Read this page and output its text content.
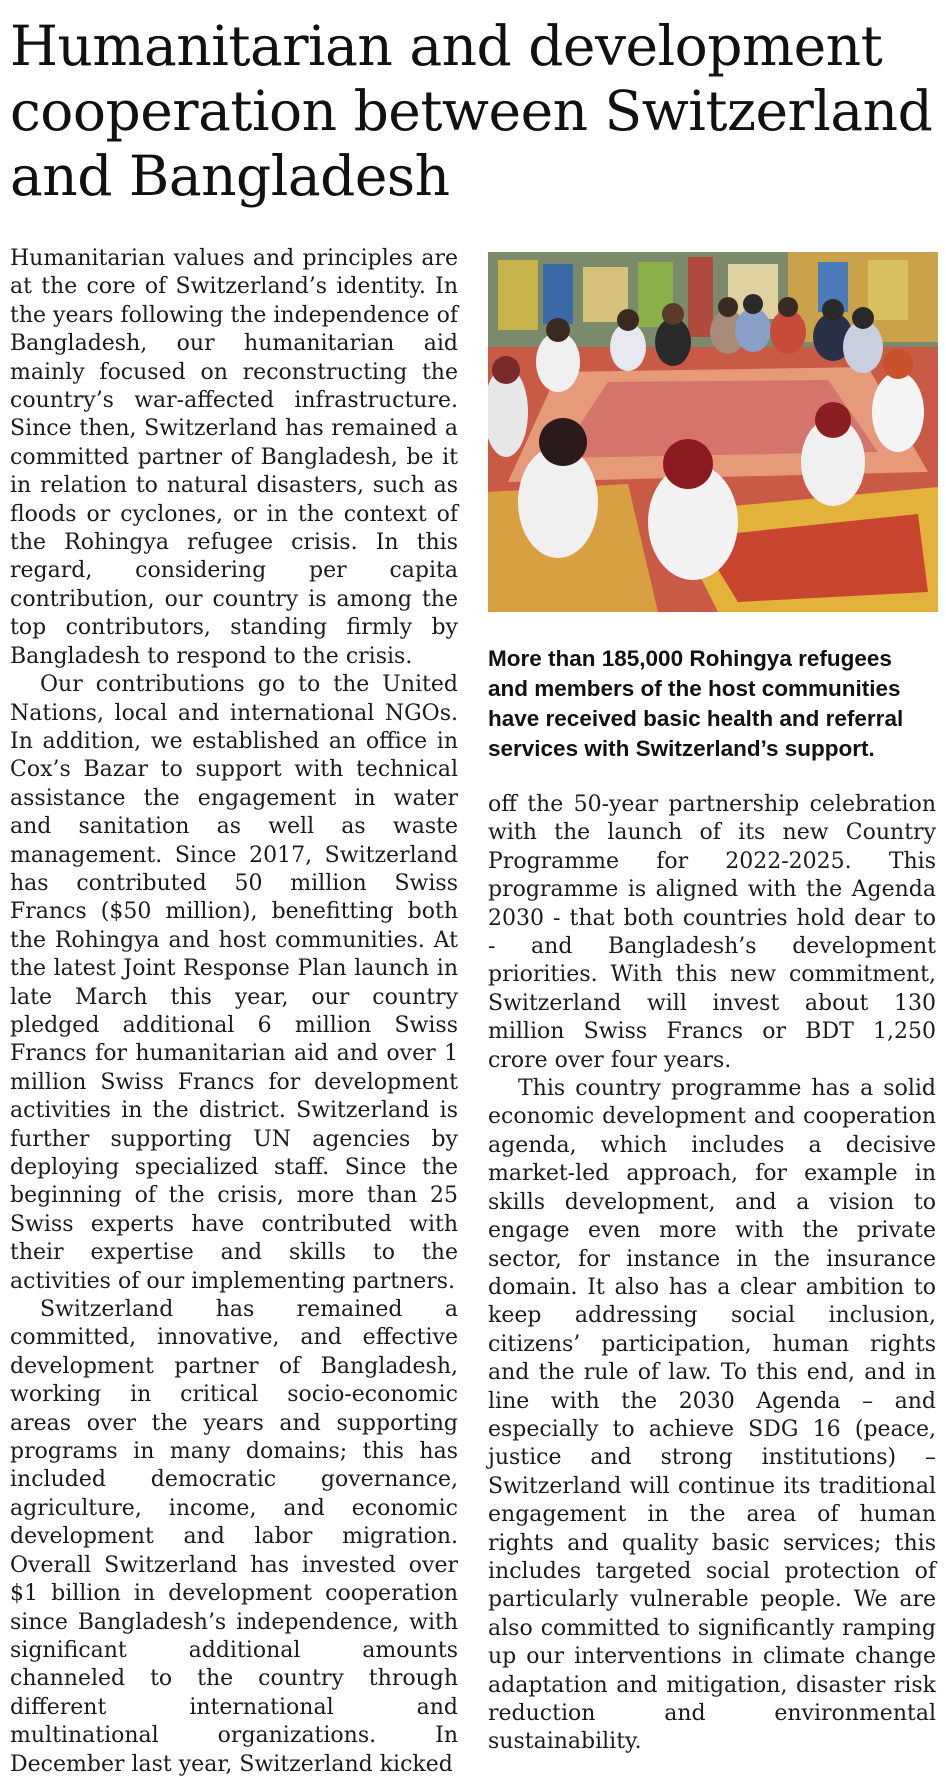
Humanitarian and development cooperation between Switzerland and Bangladesh

Humanitarian values and principles are at the core of Switzerland’s identity. In the years following the independence of Bangladesh, our humanitarian aid mainly focused on reconstructing the country’s war-affected infrastructure. Since then, Switzerland has remained a committed partner of Bangladesh, be it in relation to natural disasters, such as floods or cyclones, or in the context of the Rohingya refugee crisis. In this regard, considering per capita contribution, our country is among the top contributors, standing firmly by Bangladesh to respond to the crisis.

Our contributions go to the United Nations, local and international NGOs. In addition, we established an office in Cox’s Bazar to support with technical assistance the engagement in water and sanitation as well as waste management. Since 2017, Switzerland has contributed 50 million Swiss Francs ($50 million), benefitting both the Rohingya and host communities. At the latest Joint Response Plan launch in late March this year, our country pledged additional 6 million Swiss Francs for humanitarian aid and over 1 million Swiss Francs for development activities in the district. Switzerland is further supporting UN agencies by deploying specialized staff. Since the beginning of the crisis, more than 25 Swiss experts have contributed with their expertise and skills to the activities of our implementing partners.

Switzerland has remained a committed, innovative, and effective development partner of Bangladesh, working in critical socio-economic areas over the years and supporting programs in many domains; this has included democratic governance, agriculture, income, and economic development and labor migration. Overall Switzerland has invested over $1 billion in development cooperation since Bangladesh’s independence, with significant additional amounts channeled to the country through different international and multinational organizations. In December last year, Switzerland kicked

More than 185,000 Rohingya refugees and members of the host communities have received basic health and referral services with Switzerland’s support.

off the 50-year partnership celebration with the launch of its new Country Programme for 2022-2025. This programme is aligned with the Agenda 2030 - that both countries hold dear to - and Bangladesh’s development priorities. With this new commitment, Switzerland will invest about 130 million Swiss Francs or BDT 1,250 crore over four years.

This country programme has a solid economic development and cooperation agenda, which includes a decisive market-led approach, for example in skills development, and a vision to engage even more with the private sector, for instance in the insurance domain. It also has a clear ambition to keep addressing social inclusion, citizens’ participation, human rights and the rule of law. To this end, and in line with the 2030 Agenda – and especially to achieve SDG 16 (peace, justice and strong institutions) – Switzerland will continue its traditional engagement in the area of human rights and quality basic services; this includes targeted social protection of particularly vulnerable people. We are also committed to significantly ramping up our interventions in climate change adaptation and mitigation, disaster risk reduction and environmental sustainability.
